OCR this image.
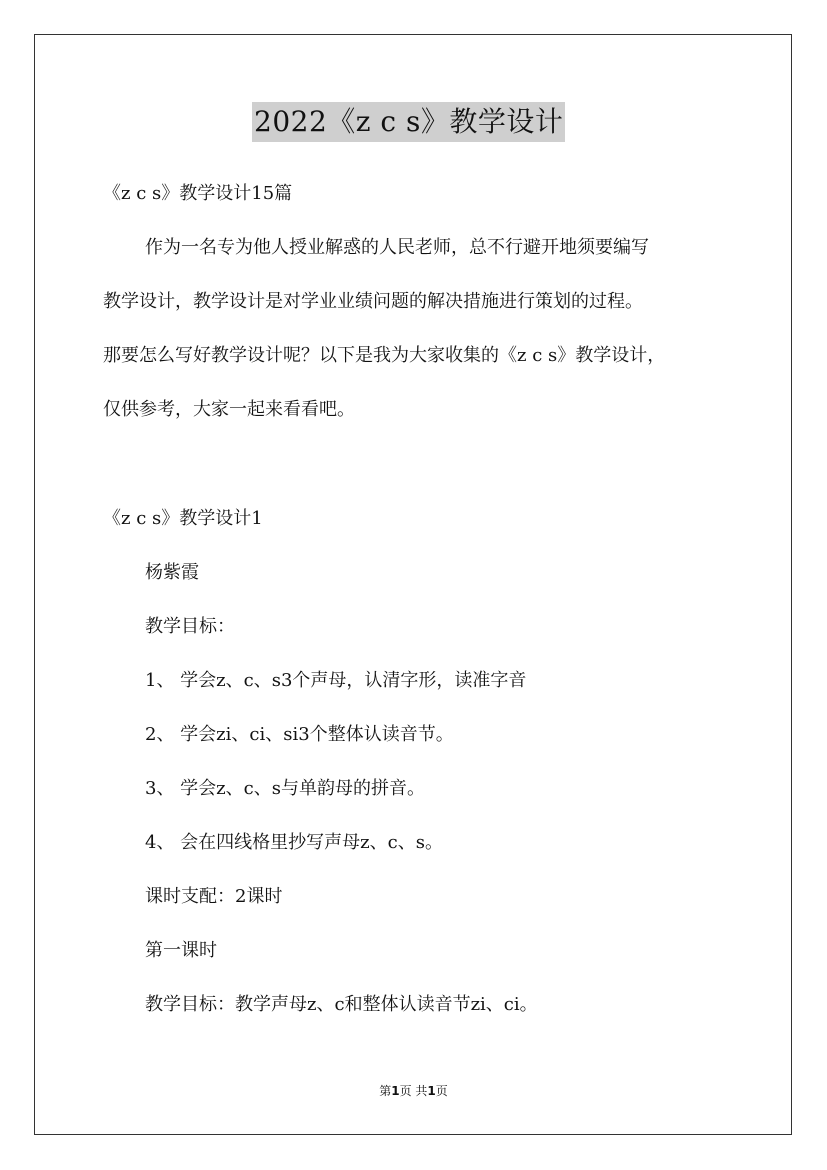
2022《z c s》教学设计
《z c s》教学设计15篇
作为一名专为他人授业解惑的人民老师，总不行避开地须要编写
教学设计，教学设计是对学业业绩问题的解决措施进行策划的过程。
那要怎么写好教学设计呢？以下是我为大家收集的《z c s》教学设计，
仅供参考，大家一起来看看吧。
《z c s》教学设计1
杨紫霞
教学目标：
1、 学会z、c、s3个声母，认清字形，读准字音
2、 学会zi、ci、si3个整体认读音节。
3、 学会z、c、s与单韵母的拼音。
4、 会在四线格里抄写声母z、c、s。
课时支配：2课时
第一课时
教学目标：教学声母z、c和整体认读音节zi、ci。
第1页 共1页
